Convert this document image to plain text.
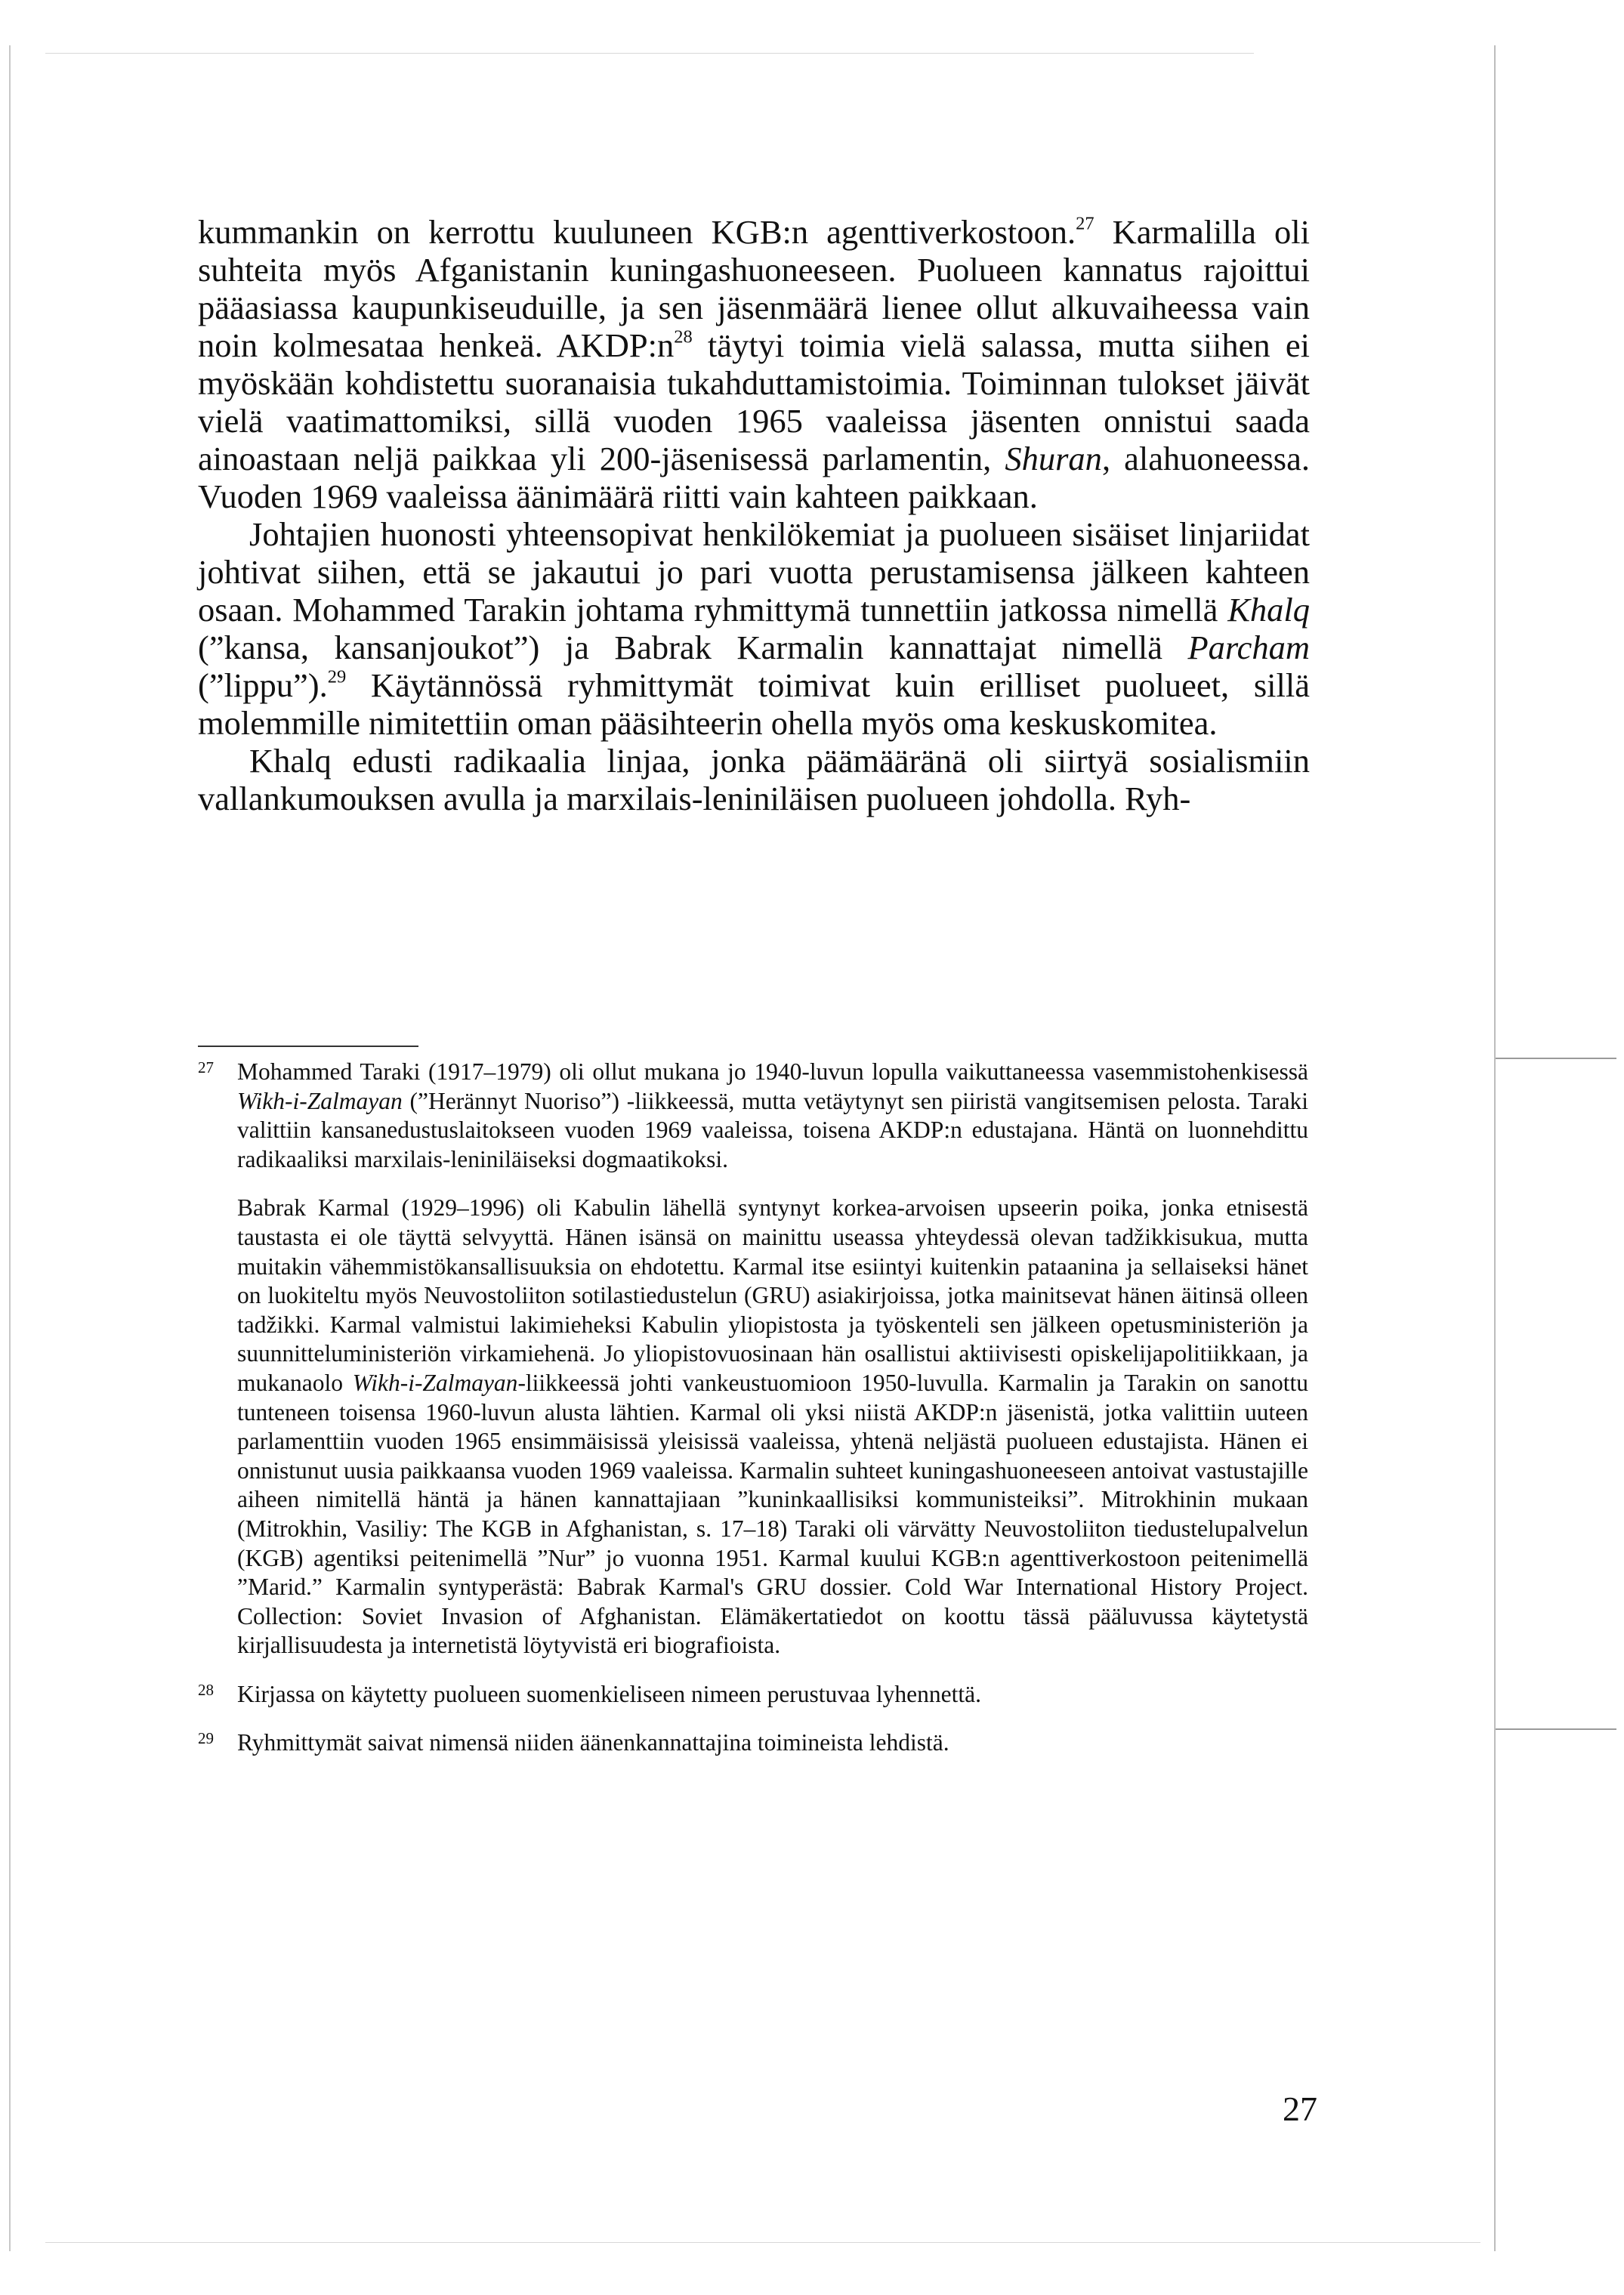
kummankin on kerrottu kuuluneen KGB:n agenttiverkostoon.$^{27}$ Karmalilla oli suhteita myös Afganistanin kuningashuoneeseen. Puolueen kannatus rajoittui pääasiassa kaupunkiseuduille, ja sen jäsenmäärä lienee ollut alkuvaiheessa vain noin kolmesataa henkeä. $AKDP:n^{28}$ täytyi toimia vielä salassa, mutta siihen ei myöskään kohdistettu suoranaisia tukahduttamistoimia. Toiminnan tulokset jäivät vielä vaatimattomiksi, sillä vuoden 1965 vaaleissa jäsenten onnistui saada ainoastaan neljä paikkaa yli 200-jäsenisessä parlamentin, Shuran, alahuoneessa. Vuoden 1969 vaaleissa äänimäärä riitti vain kahteen paikkaan.

Johtajien huonosti yhteensopivat henkilökemiat ja puolueen sisäiset linjariidat johtivat siihen, että se jakautui jo pari vuotta perustamisensa jälkeen kahteen osaan. Mohammed Tarakin johtama ryhmittymä tunnettiin jatkossa nimellä Khalq (”kansa, kansanjoukot”) ja Babrak Karmalin kannattajat nimellä Parcham (”lippu”).$^{29}$ Käytännössä ryhmittymät toimivat kuin erilliset puolueet, sillä molemmille nimitettiin oman pääsihteerin ohella myös oma keskuskomitea.

Khalq edusti radikaalia linjaa, jonka päämääränä oli siirtyä sosialismiin vallankumouksen avulla ja marxilais-leniniläisen puolueen johdolla. Ryh-

27 Mohammed Taraki (1917–1979) oli ollut mukana jo 1940-luvun lopulla vaikuttaneessa vasemmistohenkisessä Wikh-i-Zalmayan (”Herännyt Nuoriso”) -liikkeessä, mutta vetäytynyt sen piiristä vangitsemisen pelosta. Taraki valittiin kansanedustuslaitokseen vuoden 1969 vaaleissa, toisena AKDP:n edustajana. Häntä on luonnehdittu radikaaliksi marxilais-leniniläiseksi dogmaatikoksi.
Babrak Karmal (1929–1996) oli Kabulin lähellä syntynyt korkea-arvoisen upseerin poika, jonka etnisestä taustasta ei ole täyttä selvyyttä. Hänen isänsä on mainittu useassa yhteydessä olevan tadžikkisukua, mutta muitakin vähemmistökansallisuuksia on ehdotettu. Karmal itse esiintyi kuitenkin pataanina ja sellaiseksi hänet on luokiteltu myös Neuvostoliiton sotilastiedustelun (GRU) asiakirjoissa, jotka mainitsevat hänen äitinsä olleen tadžikki. Karmal valmistui lakimieheksi Kabulin yliopistosta ja työskenteli sen jälkeen opetusministeriön ja suunnitteluministeriön virkamiehenä. Jo yliopistovuosinaan hän osallistui aktiivisesti opiskelijapolitiikkaan, ja mukanaolo Wikh-i-Zalmayan-liikkeessä johti vankeustuomioon 1950-luvulla. Karmalin ja Tarakin on sanottu tunteneen toisensa 1960-luvun alusta lähtien. Karmal oli yksi niistä AKDP:n jäsenistä, jotka valittiin uuteen parlamenttiin vuoden 1965 ensimmäisissä yleisissä vaaleissa, yhtenä neljästä puolueen edustajista. Hänen ei onnistunut uusia paikkaansa vuoden 1969 vaaleissa. Karmalin suhteet kuningashuoneeseen antoivat vastustajille aiheen nimitellä häntä ja hänen kannattajiaan ”kuninkaallisiksi kommunisteiksi”. Mitrokhinin mukaan (Mitrokhin, Vasiliy: The KGB in Afghanistan, s. 17–18) Taraki oli värvätty Neuvostoliiton tiedustelupalvelun (KGB) agentiksi peitenimellä ”Nur” jo vuonna 1951. Karmal kuului KGB:n agenttiverkostoon peitenimellä ”Marid.” Karmalin syntyperästä: Babrak Karmal's GRU dossier. Cold War International History Project. Collection: Soviet Invasion of Afghanistan. Elämäkertatiedot on koottu tässä pääluvussa käytetystä kirjallisuudesta ja internetistä löytyvistä eri biografioista.
28 Kirjassa on käytetty puolueen suomenkieliseen nimeen perustuvaa lyhennettä.
29 Ryhmittymät saivat nimensä niiden äänenkannattajina toimineista lehdistä.
27
